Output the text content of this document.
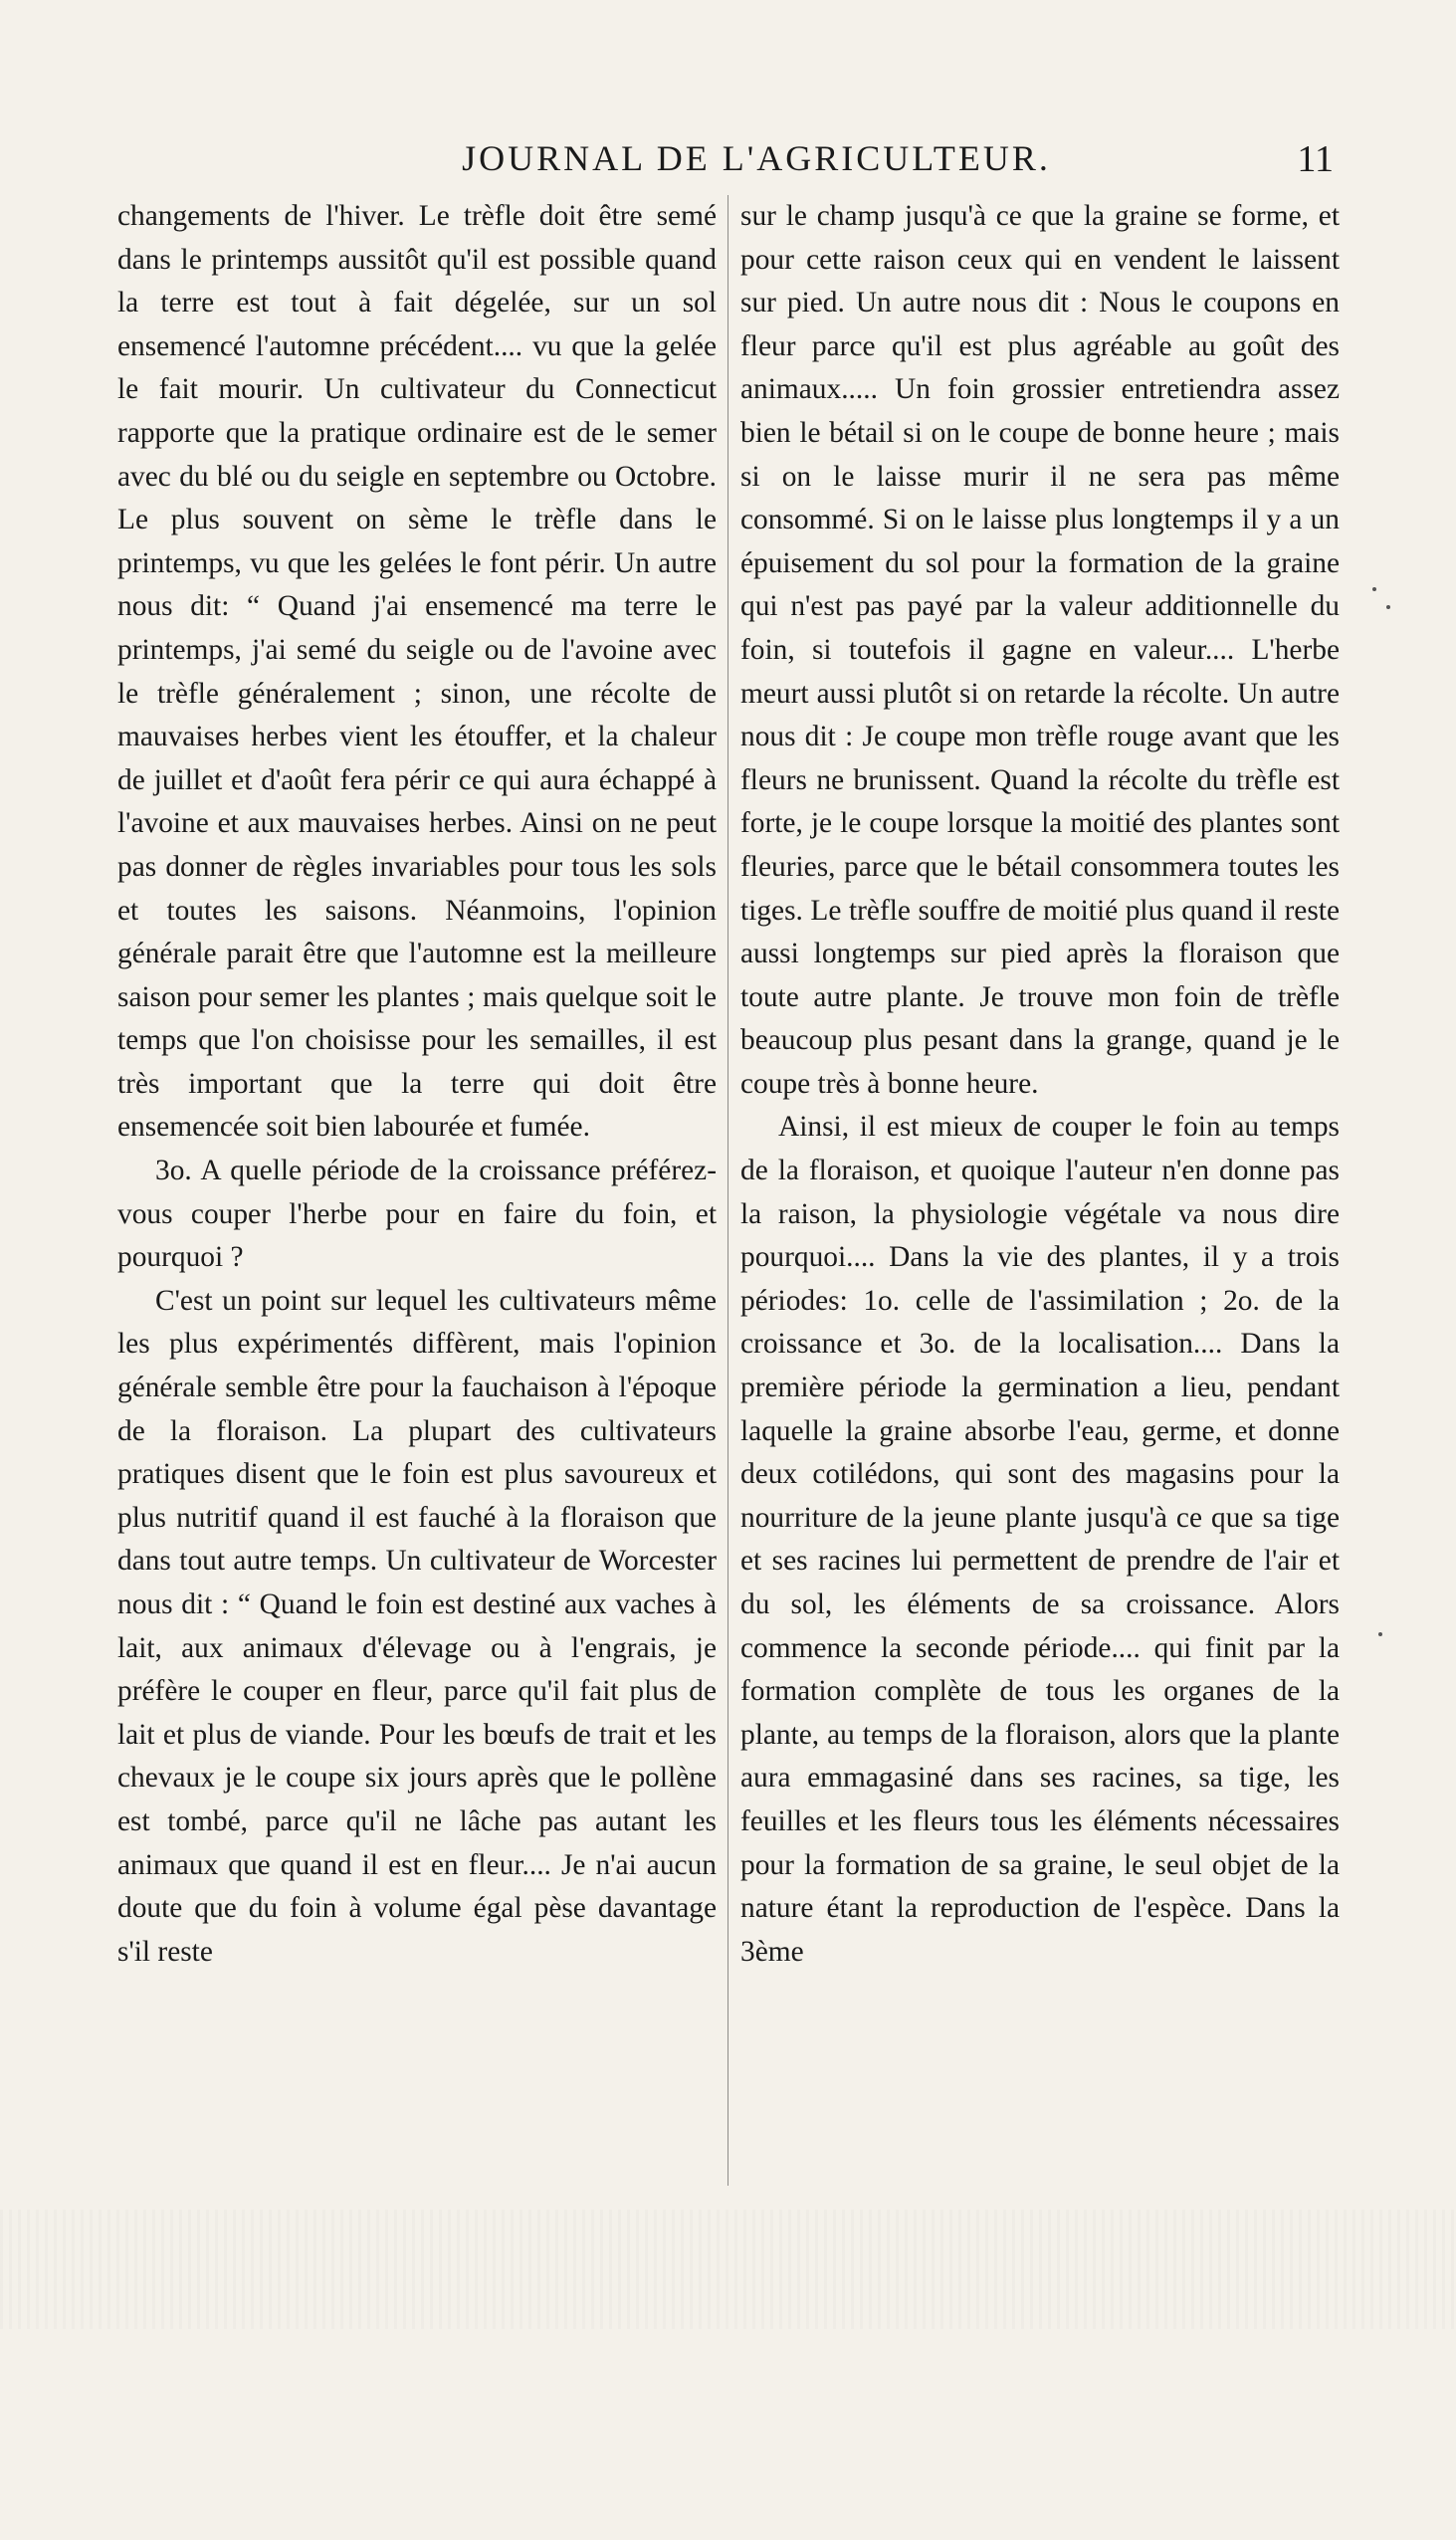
JOURNAL DE L'AGRICULTEUR.	11

changements de l'hiver. Le trèfle doit être semé dans le printemps aussitôt qu'il est possible quand la terre est tout à fait dégelée, sur un sol ensemencé l'automne précédent.... vu que la gelée le fait mourir. Un cultivateur du Connecticut rapporte que la pratique ordinaire est de le semer avec du blé ou du seigle en septembre ou Octobre. Le plus souvent on sème le trèfle dans le printemps, vu que les gelées le font périr. Un autre nous dit: “ Quand j'ai ensemencé ma terre le printemps, j'ai semé du seigle ou de l'avoine avec le trèfle généralement ; sinon, une récolte de mauvaises herbes vient les étouffer, et la chaleur de juillet et d'août fera périr ce qui aura échappé à l'avoine et aux mauvaises herbes. Ainsi on ne peut pas donner de règles invariables pour tous les sols et toutes les saisons. Néanmoins, l'opinion générale parait être que l'automne est la meilleure saison pour semer les plantes ; mais quelque soit le temps que l'on choisisse pour les semailles, il est très important que la terre qui doit être ensemencée soit bien labourée et fumée.

3o. A quelle période de la croissance préférez-vous couper l'herbe pour en faire du foin, et pourquoi ?

C'est un point sur lequel les cultivateurs même les plus expérimentés diffèrent, mais l'opinion générale semble être pour la fauchaison à l'époque de la floraison. La plupart des cultivateurs pratiques disent que le foin est plus savoureux et plus nutritif quand il est fauché à la floraison que dans tout autre temps. Un cultivateur de Worcester nous dit : “ Quand le foin est destiné aux vaches à lait, aux animaux d'élevage ou à l'engrais, je préfère le couper en fleur, parce qu'il fait plus de lait et plus de viande. Pour les bœufs de trait et les chevaux je le coupe six jours après que le pollène est tombé, parce qu'il ne lâche pas autant les animaux que quand il est en fleur.... Je n'ai aucun doute que du foin à volume égal pèse davantage s'il reste

sur le champ jusqu'à ce que la graine se forme, et pour cette raison ceux qui en vendent le laissent sur pied. Un autre nous dit : Nous le coupons en fleur parce qu'il est plus agréable au goût des animaux..... Un foin grossier entretiendra assez bien le bétail si on le coupe de bonne heure ; mais si on le laisse murir il ne sera pas même consommé. Si on le laisse plus longtemps il y a un épuisement du sol pour la formation de la graine qui n'est pas payé par la valeur additionnelle du foin, si toutefois il gagne en valeur.... L'herbe meurt aussi plutôt si on retarde la récolte. Un autre nous dit : Je coupe mon trèfle rouge avant que les fleurs ne brunissent. Quand la récolte du trèfle est forte, je le coupe lorsque la moitié des plantes sont fleuries, parce que le bétail consommera toutes les tiges. Le trèfle souffre de moitié plus quand il reste aussi longtemps sur pied après la floraison que toute autre plante. Je trouve mon foin de trèfle beaucoup plus pesant dans la grange, quand je le coupe très à bonne heure.

Ainsi, il est mieux de couper le foin au temps de la floraison, et quoique l'auteur n'en donne pas la raison, la physiologie végétale va nous dire pourquoi.... Dans la vie des plantes, il y a trois périodes: 1o. celle de l'assimilation ; 2o. de la croissance et 3o. de la localisation.... Dans la première période la germination a lieu, pendant laquelle la graine absorbe l'eau, germe, et donne deux cotilédons, qui sont des magasins pour la nourriture de la jeune plante jusqu'à ce que sa tige et ses racines lui permettent de prendre de l'air et du sol, les éléments de sa croissance. Alors commence la seconde période.... qui finit par la formation complète de tous les organes de la plante, au temps de la floraison, alors que la plante aura emmagasiné dans ses racines, sa tige, les feuilles et les fleurs tous les éléments nécessaires pour la formation de sa graine, le seul objet de la nature étant la reproduction de l'espèce. Dans la 3ème
